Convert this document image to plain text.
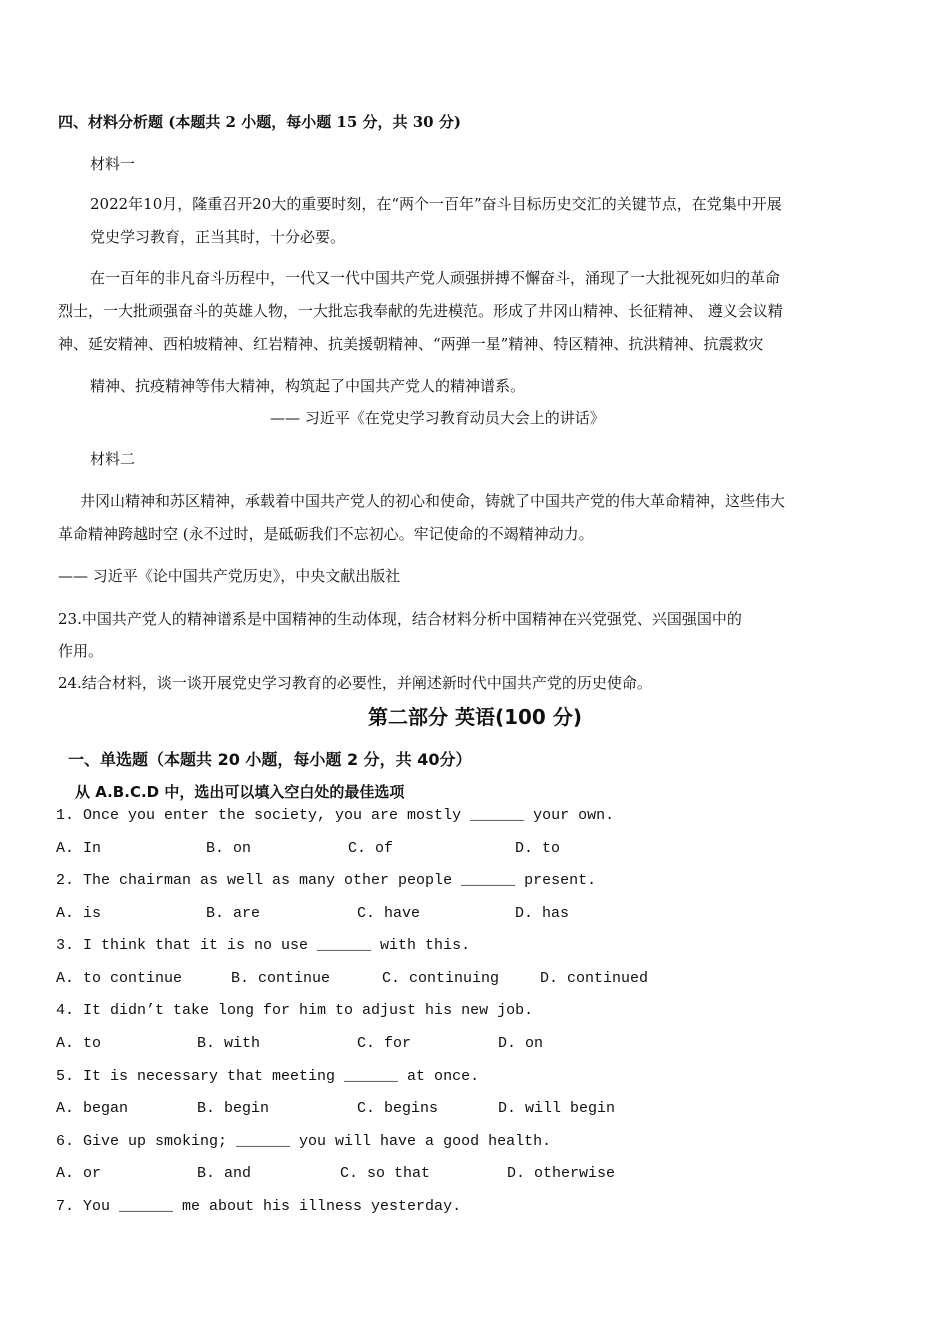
四、材料分析题 (本题共 2 小题，每小题 15 分，共 30 分)
材料一
2022年10月，隆重召开20大的重要时刻，在“两个一百年”奋斗目标历史交汇的关键节点，在党集中开展
党史学习教育，正当其时，十分必要。
在一百年的非凡奋斗历程中，一代又一代中国共产党人顽强拼搏不懈奋斗，涌现了一大批视死如归的革命
烈士，一大批顽强奋斗的英雄人物，一大批忘我奉献的先进模范。形成了井冈山精神、长征精神、 遵义会议精
神、延安精神、西柏坡精神、红岩精神、抗美援朝精神、“两弹一星”精神、特区精神、抗洪精神、抗震救灾
精神、抗疫精神等伟大精神，构筑起了中国共产党人的精神谱系。
—— 习近平《在党史学习教育动员大会上的讲话》
材料二
井冈山精神和苏区精神，承载着中国共产党人的初心和使命，铸就了中国共产党的伟大革命精神，这些伟大
革命精神跨越时空 (永不过时，是砥砺我们不忘初心。牢记使命的不竭精神动力。
—— 习近平《论中国共产党历史》，中央文献出版社
23.中国共产党人的精神谱系是中国精神的生动体现，结合材料分析中国精神在兴党强党、兴国强国中的
作用。
24.结合材料，谈一谈开展党史学习教育的必要性，并阐述新时代中国共产党的历史使命。
第二部分 英语(100 分)
一、单选题（本题共 20 小题，每小题 2 分，共 40分）
从 A.B.C.D 中，选出可以填入空白处的最佳选项
1. Once you enter the society, you are mostly ______ your own.
A. In	B. on	C. of	D. to
2. The chairman as well as many other people ______ present.
A. is	B. are	C. have	D. has
3. I think that it is no use ______ with this.
A. to continue	B. continue	C. continuing	D. continued
4. It didn’t take long for him to adjust his new job.
A. to	B. with	C. for	D. on
5. It is necessary that meeting ______ at once.
A. began	B. begin	C. begins	D. will begin
6. Give up smoking; ______ you will have a good health.
A. or	B. and	C. so that	D. otherwise
7. You ______ me about his illness yesterday.
